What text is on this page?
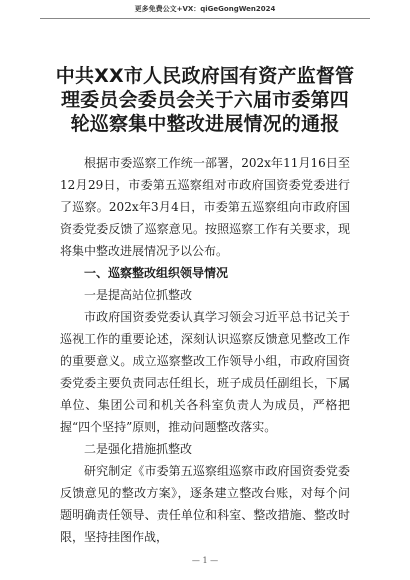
更多免费公文+VX：qiGeGongWen2024
中共XX市人民政府国有资产监督管理委员会委员会关于六届市委第四轮巡察集中整改进展情况的通报

根据市委巡察工作统一部署，202x年11月16日至12月29日，市委第五巡察组对市政府国资委党委进行了巡察。202x年3月4日，市委第五巡察组向市政府国资委党委反馈了巡察意见。按照巡察工作有关要求，现将集中整改进展情况予以公布。

一、巡察整改组织领导情况

一是提高站位抓整改

市政府国资委党委认真学习领会习近平总书记关于巡视工作的重要论述，深刻认识巡察反馈意见整改工作的重要意义。成立巡察整改工作领导小组，市政府国资委党委主要负责同志任组长，班子成员任副组长，下属单位、集团公司和机关各科室负责人为成员，严格把握“四个坚持”原则，推动问题整改落实。

二是强化措施抓整改

研究制定《市委第五巡察组巡察市政府国资委党委反馈意见的整改方案》，逐条建立整改台账，对每个问题明确责任领导、责任单位和科室、整改措施、整改时限，坚持挂图作战，

— 1 —
